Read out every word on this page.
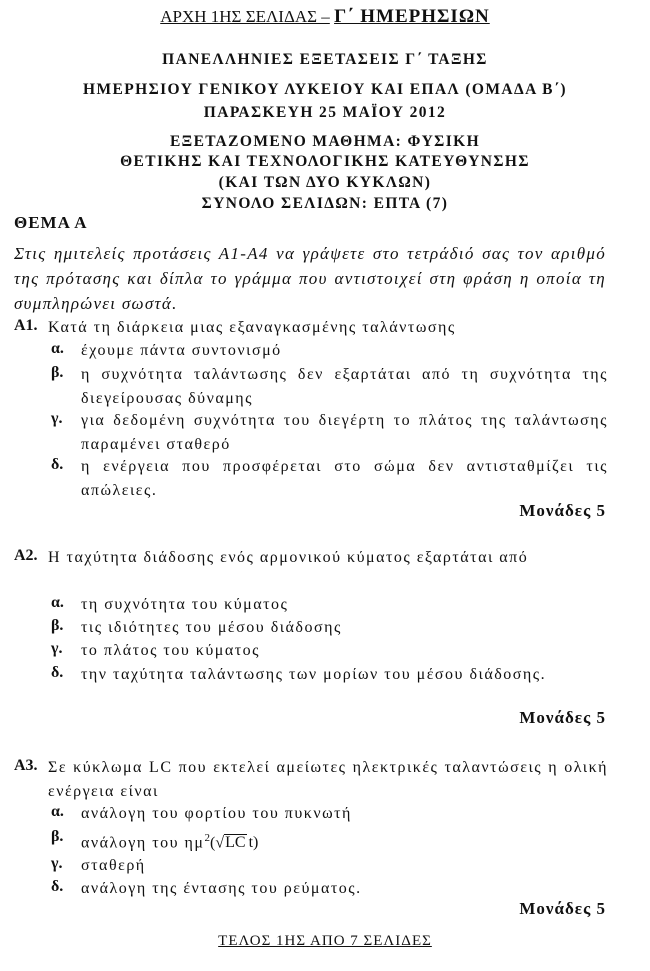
ΑΡΧΗ 1ΗΣ ΣΕΛΙΔΑΣ – Γ΄ ΗΜΕΡΗΣΙΩΝ
ΠΑΝΕΛΛΗΝΙΕΣ ΕΞΕΤΑΣΕΙΣ Γ΄ ΤΑΞΗΣ
ΗΜΕΡΗΣΙΟΥ ΓΕΝΙΚΟΥ ΛΥΚΕΙΟΥ ΚΑΙ ΕΠΑΛ (ΟΜΑΔΑ Β΄)
ΠΑΡΑΣΚΕΥΗ 25 ΜΑΪΟΥ 2012
ΕΞΕΤΑΖΟΜΕΝΟ ΜΑΘΗΜΑ: ΦΥΣΙΚΗ
ΘΕΤΙΚΗΣ ΚΑΙ ΤΕΧΝΟΛΟΓΙΚΗΣ ΚΑΤΕΥΘΥΝΣΗΣ
(ΚΑΙ ΤΩΝ ΔΥΟ ΚΥΚΛΩΝ)
ΣΥΝΟΛΟ ΣΕΛΙΔΩΝ: ΕΠΤΑ (7)
ΘΕΜΑ Α
Στις ημιτελείς προτάσεις Α1-Α4 να γράψετε στο τετράδιό σας τον αριθμό της πρότασης και δίπλα το γράμμα που αντιστοιχεί στη φράση η οποία τη συμπληρώνει σωστά.
Α1. Κατά τη διάρκεια μιας εξαναγκασμένης ταλάντωσης
α. έχουμε πάντα συντονισμό
β. η συχνότητα ταλάντωσης δεν εξαρτάται από τη συχνότητα της διεγείρουσας δύναμης
γ. για δεδομένη συχνότητα του διεγέρτη το πλάτος της ταλάντωσης παραμένει σταθερό
δ. η ενέργεια που προσφέρεται στο σώμα δεν αντισταθμίζει τις απώλειες.
Μονάδες 5
Α2. Η ταχύτητα διάδοσης ενός αρμονικού κύματος εξαρτάται από
α. τη συχνότητα του κύματος
β. τις ιδιότητες του μέσου διάδοσης
γ. το πλάτος του κύματος
δ. την ταχύτητα ταλάντωσης των μορίων του μέσου διάδοσης.
Μονάδες 5
Α3. Σε κύκλωμα LC που εκτελεί αμείωτες ηλεκτρικές ταλαντώσεις η ολική ενέργεια είναι
α. ανάλογη του φορτίου του πυκνωτή
β. ανάλογη του $\eta\mu^2(√LC$ t)
γ. σταθερή
δ. ανάλογη της έντασης του ρεύματος.
Μονάδες 5
ΤΕΛΟΣ 1ΗΣ ΑΠΟ 7 ΣΕΛΙΔΕΣ
